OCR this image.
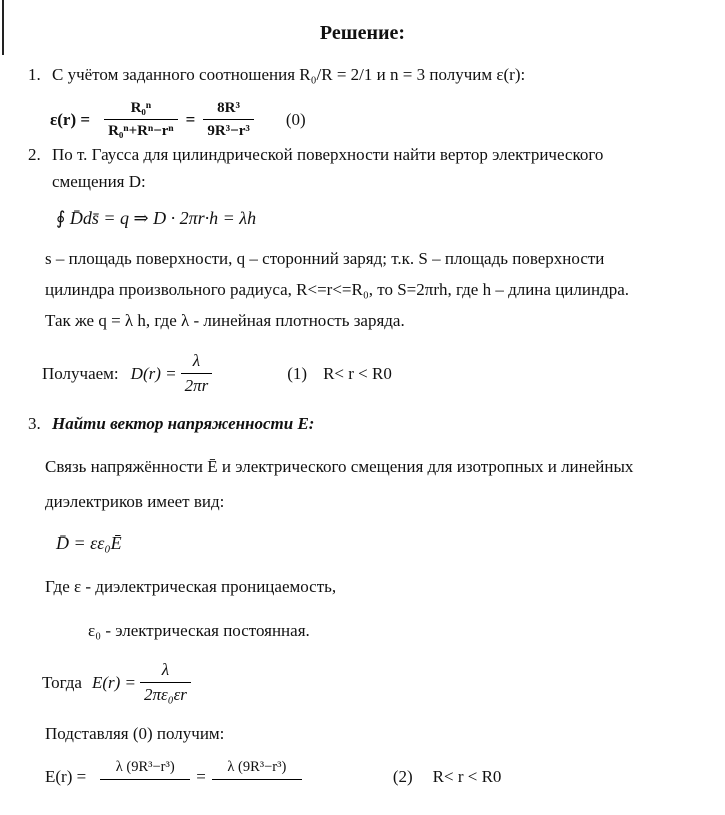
Решение:
1. С учётом заданного соотношения R₀/R = 2/1 и n = 3 получим ε(r):
$\varepsilon(r) = \frac{\text{R₀ⁿ}}{\text{R₀ⁿ+Rⁿ−rⁿ}} = \frac{\text{8R³}}{\text{9R³−r³}} (0)$
2. По т. Гаусса для цилиндрической поверхности найти вертор электрического смещения D:
∮ D̄ds̄ = q ⇒ D · 2πr·h = λh
s – площадь поверхности, q – сторонний заряд; т.к. S – площадь поверхности
цилиндра произвольного радиуса, R<=r<=R₀, то S=2πrh, где h – длина цилиндра.
Так же q = λ h, где λ - линейная плотность заряда.
Получаем: $D(r) = \frac{\lambda}{2\pi r}$	(1) R< r < R0
3. Найти вектор напряженности E:
Связь напряжённости Ē и электрического смещения для изотропных и линейных
диэлектриков имеет вид:
D̄ = εε₀Ē
Где ε - диэлектрическая проницаемость,
ε₀ - электрическая постоянная.
Тогда $E(r) = \frac{\lambda}{\text{2πε₀εr}}$
Подставляя (0) получим:
E(r) =	λ (9R³−r³)	=	λ (9R³−r³)	(2) R< r < R0
